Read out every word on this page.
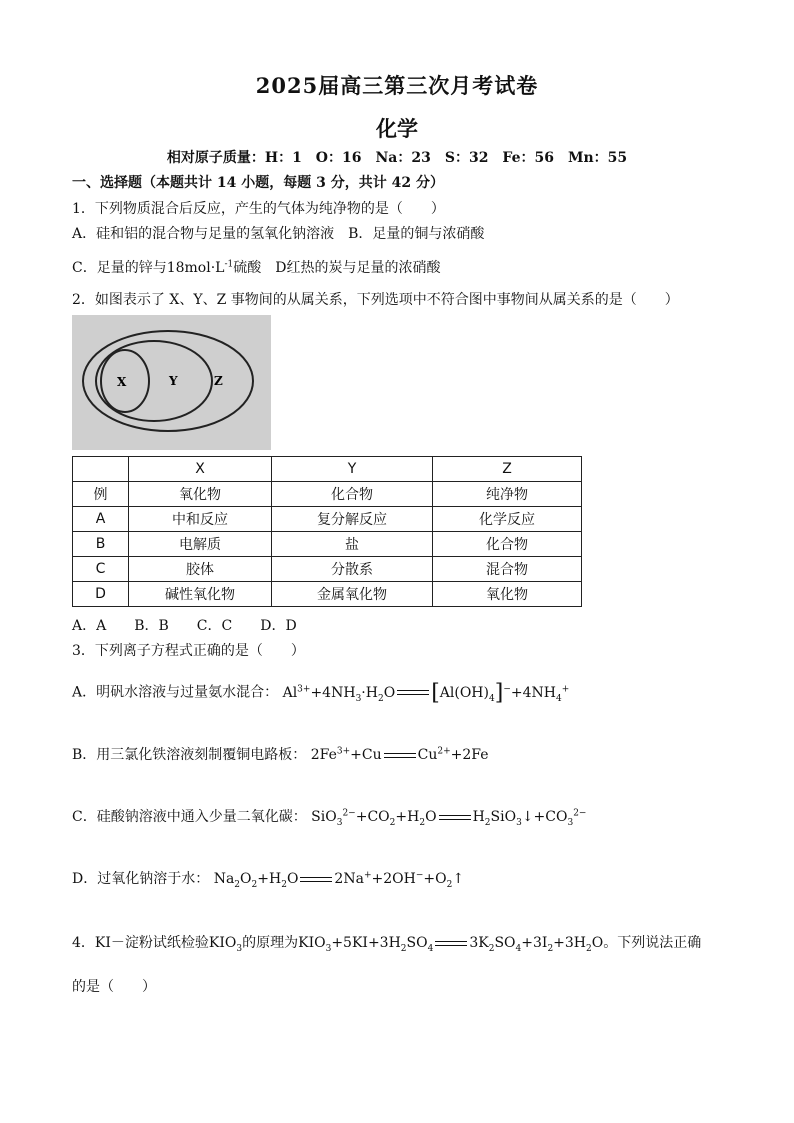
2025届高三第三次月考试卷
化学
相对原子质量：H：1　O：16　Na：23　S：32　Fe：56　Mn：55
一、选择题（本题共计 14 小题，每题 3 分，共计 42 分）
1．下列物质混合后反应，产生的气体为纯净物的是（　　）
A．硅和铝的混合物与足量的氢氧化钠溶液　B．足量的铜与浓硝酸
C．足量的锌与$18mol\cdot L^{-1}$硫酸　D红热的炭与足量的浓硝酸
2．如图表示了 X、Y、Z 事物间的从属关系，下列选项中不符合图中事物间从属关系的是（　　）
X	Y	Z
	X	Y	Z
例	氧化物	化合物	纯净物
A	中和反应	复分解反应	化学反应
B	电解质	盐	化合物
C	胶体	分散系	混合物
D	碱性氧化物	金属氧化物	氧化物
A．A　　B．B　　C．C　　D．D
3．下列离子方程式正确的是（　　）
A．明矾水溶液与过量氨水混合： $Al^{3+}+4NH_3\cdot H_2O$ $[Al(OH)_4]^-+4NH_4^+$
B．用三氯化铁溶液刻制覆铜电路板： $2Fe^{3+}+Cu$	$Cu^{2+}+2Fe$
C．硅酸钠溶液中通入少量二氧化碳： $SiO_3^{2-}+CO_2+H_2O$	$H_2SiO_3↓+CO_3^{2-}$
D．过氧化钠溶于水： $Na_2O_2+H_2O$	$2Na^++2OH^-+O_2↑$
4．KI－淀粉试纸检验$KIO_3$的原理为$KIO_3+5KI+3H_2SO_4$	$3K_2SO_4+3I_2+3H_2O$。下列说法正确
的是（　　）
